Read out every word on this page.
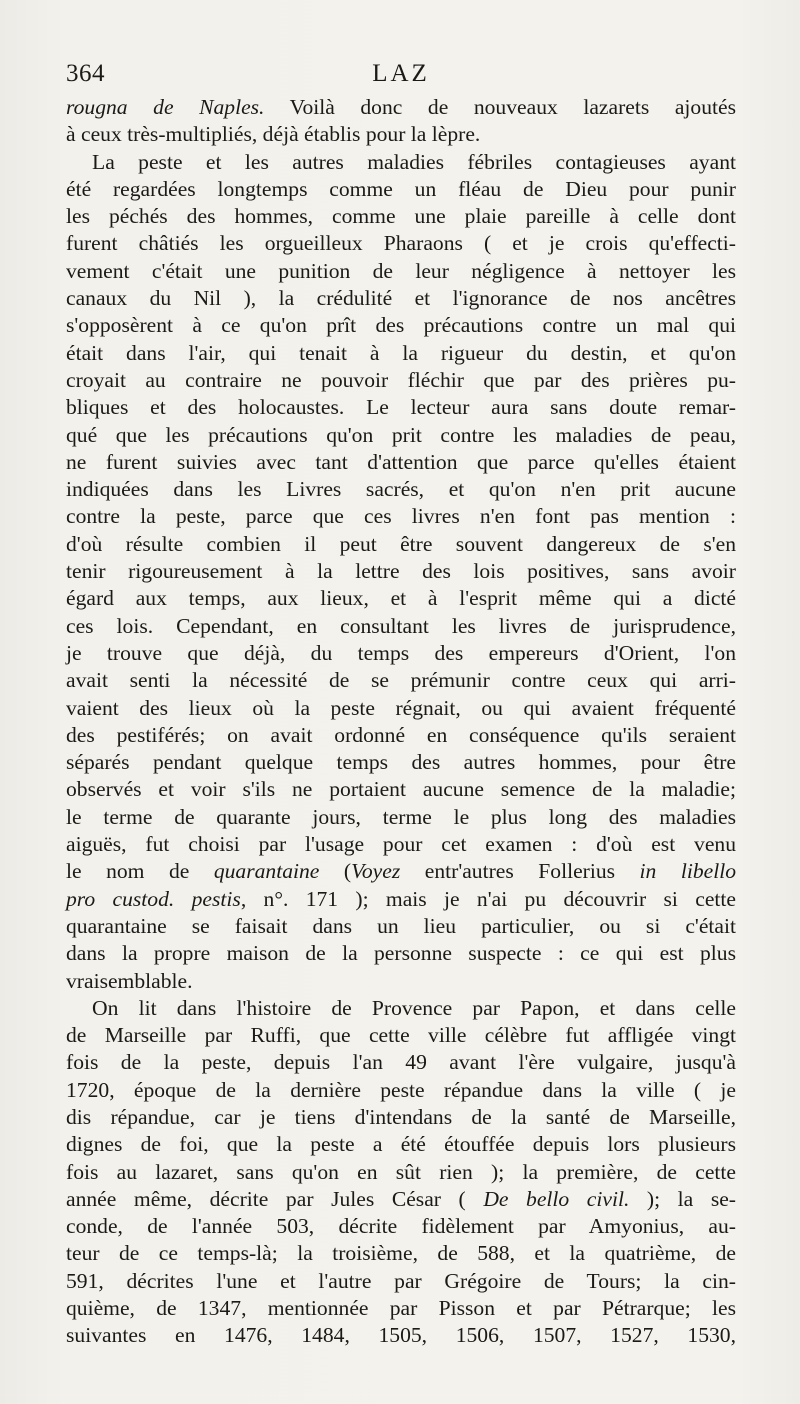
364	LAZ
rougna de Naples. Voilà donc de nouveaux lazarets ajoutés
à ceux très-multipliés, déjà établis pour la lèpre.
La peste et les autres maladies fébriles contagieuses ayant
été regardées longtemps comme un fléau de Dieu pour punir
les péchés des hommes, comme une plaie pareille à celle dont
furent châtiés les orgueilleux Pharaons ( et je crois qu'effecti-
vement c'était une punition de leur négligence à nettoyer les
canaux du Nil ), la crédulité et l'ignorance de nos ancêtres
s'opposèrent à ce qu'on prît des précautions contre un mal qui
était dans l'air, qui tenait à la rigueur du destin, et qu'on
croyait au contraire ne pouvoir fléchir que par des prières pu-
bliques et des holocaustes. Le lecteur aura sans doute remar-
qué que les précautions qu'on prit contre les maladies de peau,
ne furent suivies avec tant d'attention que parce qu'elles étaient
indiquées dans les Livres sacrés, et qu'on n'en prit aucune
contre la peste, parce que ces livres n'en font pas mention :
d'où résulte combien il peut être souvent dangereux de s'en
tenir rigoureusement à la lettre des lois positives, sans avoir
égard aux temps, aux lieux, et à l'esprit même qui a dicté
ces lois. Cependant, en consultant les livres de jurisprudence,
je trouve que déjà, du temps des empereurs d'Orient, l'on
avait senti la nécessité de se prémunir contre ceux qui arri-
vaient des lieux où la peste régnait, ou qui avaient fréquenté
des pestiférés; on avait ordonné en conséquence qu'ils seraient
séparés pendant quelque temps des autres hommes, pour être
observés et voir s'ils ne portaient aucune semence de la maladie;
le terme de quarante jours, terme le plus long des maladies
aiguës, fut choisi par l'usage pour cet examen : d'où est venu
le nom de quarantaine (Voyez entr'autres Follerius in libello
pro custod. pestis, n°. 171 ); mais je n'ai pu découvrir si cette
quarantaine se faisait dans un lieu particulier, ou si c'était
dans la propre maison de la personne suspecte : ce qui est plus
vraisemblable.
On lit dans l'histoire de Provence par Papon, et dans celle
de Marseille par Ruffi, que cette ville célèbre fut affligée vingt
fois de la peste, depuis l'an 49 avant l'ère vulgaire, jusqu'à
1720, époque de la dernière peste répandue dans la ville ( je
dis répandue, car je tiens d'intendans de la santé de Marseille,
dignes de foi, que la peste a été étouffée depuis lors plusieurs
fois au lazaret, sans qu'on en sût rien ); la première, de cette
année même, décrite par Jules César ( De bello civil. ); la se-
conde, de l'année 503, décrite fidèlement par Amyonius, au-
teur de ce temps-là; la troisième, de 588, et la quatrième, de
591, décrites l'une et l'autre par Grégoire de Tours; la cin-
quième, de 1347, mentionnée par Pisson et par Pétrarque; les
suivantes en 1476, 1484, 1505, 1506, 1507, 1527, 1530,
